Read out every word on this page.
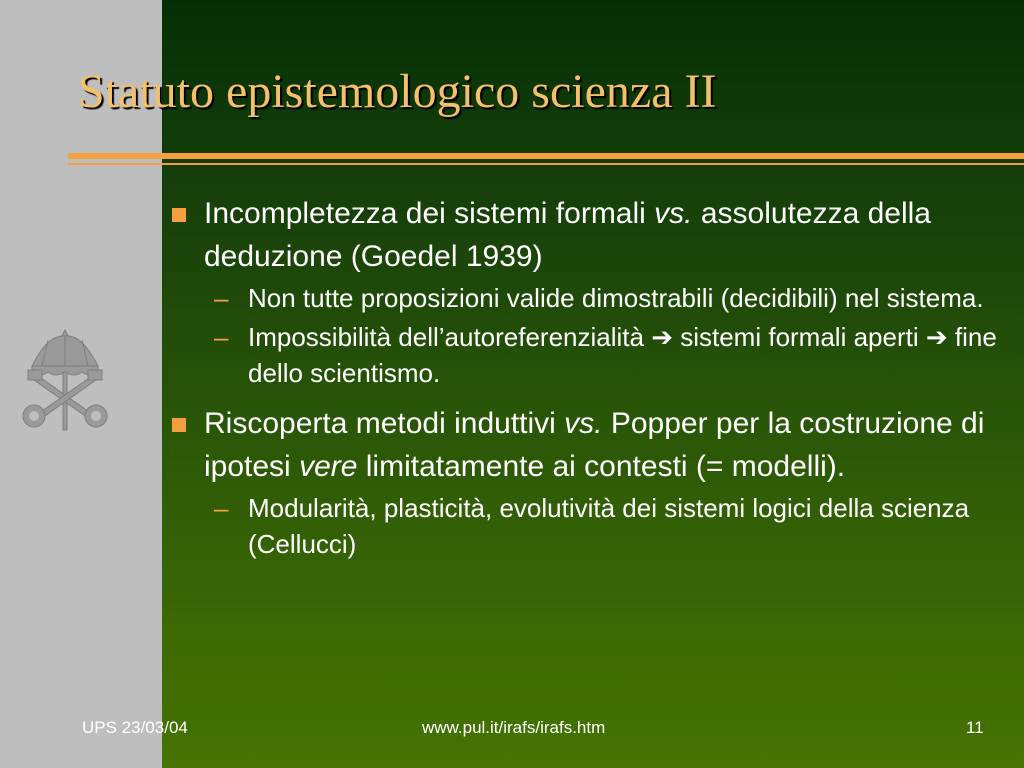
Statuto epistemologico scienza II
Incompletezza dei sistemi formali vs. assolutezza della deduzione (Goedel 1939)
– Non tutte proposizioni valide dimostrabili (decidibili) nel sistema.
– Impossibilità dell’autoreferenzialità ➔ sistemi formali aperti ➔ fine dello scientismo.
Riscoperta metodi induttivi vs. Popper per la costruzione di ipotesi vere limitatamente ai contesti (= modelli).
– Modularità, plasticità, evolutività dei sistemi logici della scienza (Cellucci)
UPS 23/03/04	www.pul.it/irafs/irafs.htm	11
